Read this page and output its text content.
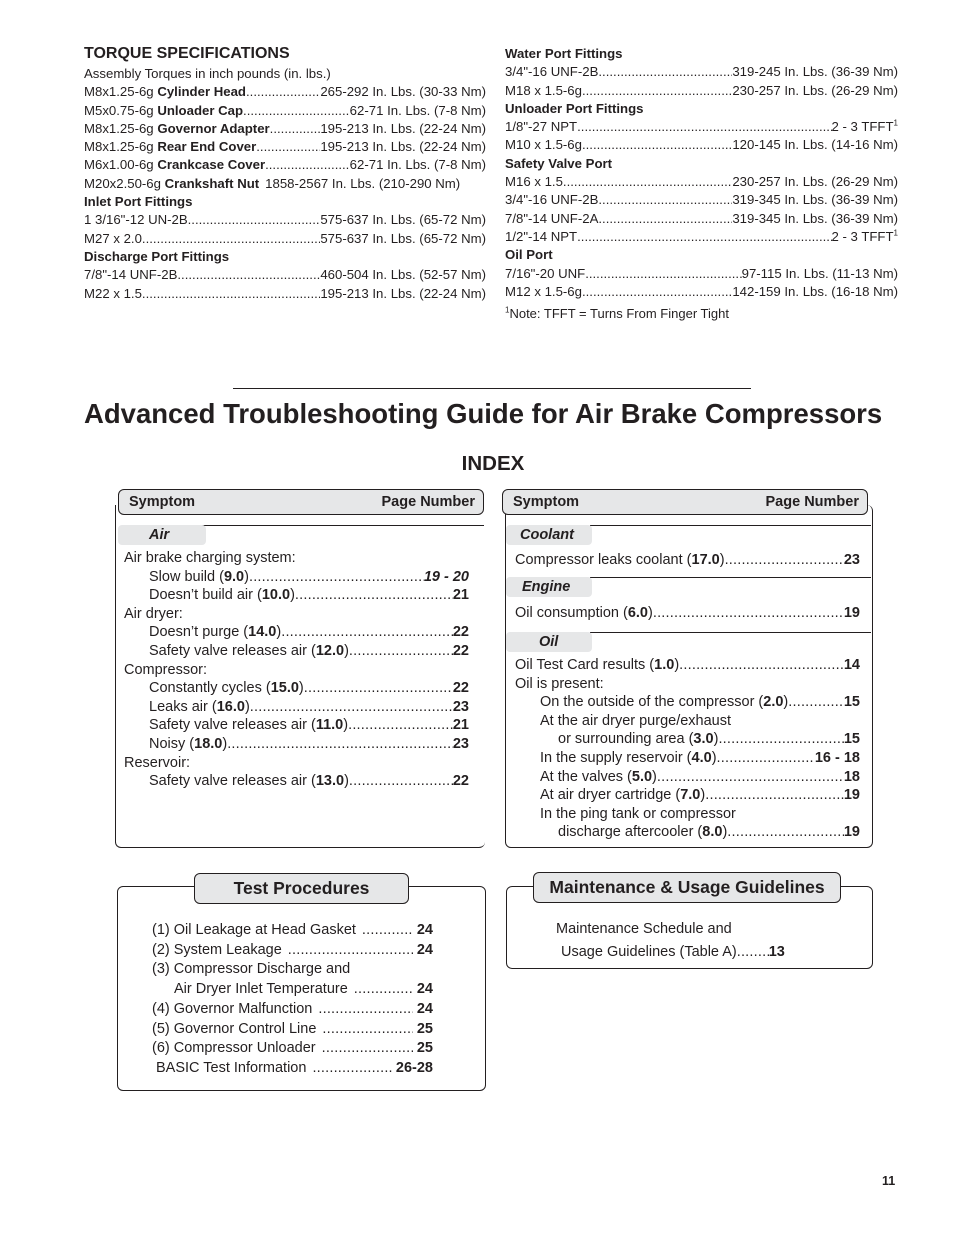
TORQUE SPECIFICATIONS
Assembly Torques in inch pounds (in. lbs.)
M8x1.25-6g Cylinder Head .....	265-292 In. Lbs. (30-33 Nm)
M5x0.75-6g Unloader Cap .....	62-71 In. Lbs. (7-8 Nm)
M8x1.25-6g Governor Adapter .....	195-213 In. Lbs. (22-24 Nm)
M8x1.25-6g Rear End Cover .....	195-213 In. Lbs. (22-24 Nm)
M6x1.00-6g Crankcase Cover .....	62-71 In. Lbs. (7-8 Nm)
M20x2.50-6g Crankshaft Nut 1858-2567 In. Lbs. (210-290 Nm)
Inlet Port Fittings
1 3/16"-12 UN-2B .....	575-637 In. Lbs. (65-72 Nm)
M27 x 2.0 .....	575-637 In. Lbs. (65-72 Nm)
Discharge Port Fittings
7/8"-14 UNF-2B .....	460-504 In. Lbs. (52-57 Nm)
M22 x 1.5 .....	195-213 In. Lbs. (22-24 Nm)
Water Port Fittings
3/4"-16 UNF-2B .....	319-245 In. Lbs. (36-39 Nm)
M18 x 1.5-6g .....	230-257 In. Lbs. (26-29 Nm)
Unloader Port Fittings
1/8"-27 NPT .....	2 - 3 TFFT$^1$
M10 x 1.5-6g .....	120-145 In. Lbs. (14-16 Nm)
Safety Valve Port
M16 x 1.5 .....	230-257 In. Lbs. (26-29 Nm)
3/4"-16 UNF-2B .....	319-345 In. Lbs. (36-39 Nm)
7/8"-14 UNF-2A .....	319-345 In. Lbs. (36-39 Nm)
1/2"-14 NPT .....	2 - 3 TFFT$^1$
Oil Port
7/16"-20 UNF .....	97-115 In. Lbs. (11-13 Nm)
M12 x 1.5-6g .....	142-159 In. Lbs. (16-18 Nm)
$^1$Note: TFFT = Turns From Finger Tight
Advanced Troubleshooting Guide for Air Brake Compressors
INDEX
Symptom	Page Number
Air
Air brake charging system:
Slow build (9.0) .....	19 - 20
Doesn’t build air (10.0) .....	21
Air dryer:
Doesn’t purge (14.0) .....	22
Safety valve releases air (12.0) .....	22
Compressor:
Constantly cycles (15.0) .....	22
Leaks air (16.0) .....	23
Safety valve releases air (11.0) .....	21
Noisy (18.0) .....	23
Reservoir:
Safety valve releases air (13.0) .....	22
Symptom	Page Number
Coolant
Compressor leaks coolant (17.0) .....	23
Engine
Oil consumption (6.0) .....	19
Oil
Oil Test Card results (1.0) .....	14
Oil is present:
On the outside of the compressor (2.0) .....	15
At the air dryer purge/exhaust
or surrounding area (3.0) .....	15
In the supply reservoir (4.0) .....	16 - 18
At the valves (5.0) .....	18
At air dryer cartridge (7.0) .....	19
In the ping tank or compressor
discharge aftercooler (8.0) .....	19
Test Procedures
(1) Oil Leakage at Head Gasket .....	24
(2) System Leakage .....	24
(3) Compressor Discharge and
Air Dryer Inlet Temperature .....	24
(4) Governor Malfunction .....	24
(5) Governor Control Line .....	25
(6) Compressor Unloader .....	25
BASIC Test Information .....	26-28
Maintenance & Usage Guidelines
Maintenance Schedule and
Usage Guidelines (Table A) ..... 13
11
